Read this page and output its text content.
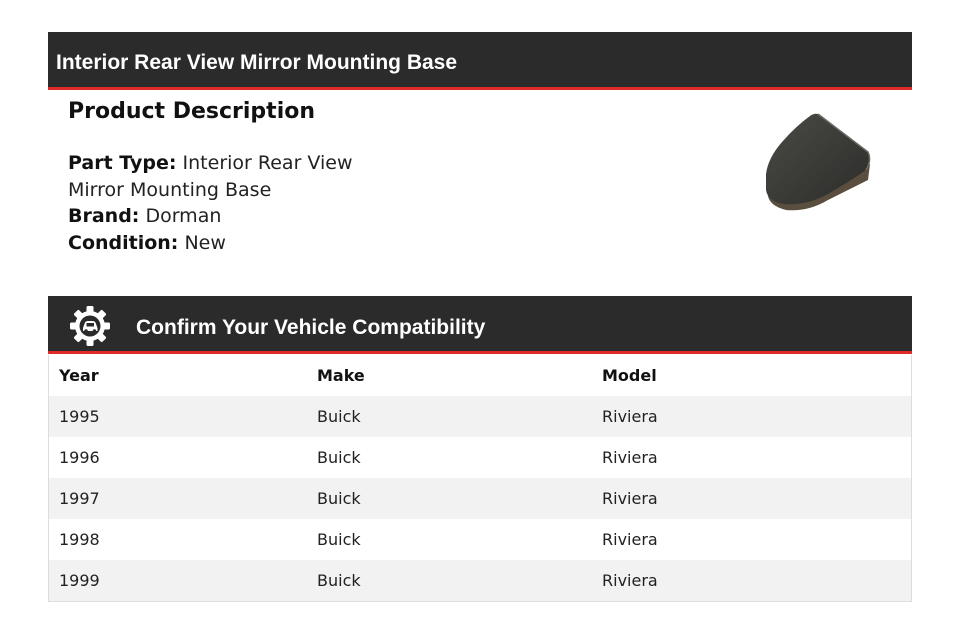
Interior Rear View Mirror Mounting Base
Product Description
Part Type: Interior Rear View Mirror Mounting Base
Brand: Dorman
Condition: New
Confirm Your Vehicle Compatibility
Year	Make	Model
1995	Buick	Riviera
1996	Buick	Riviera
1997	Buick	Riviera
1998	Buick	Riviera
1999	Buick	Riviera
